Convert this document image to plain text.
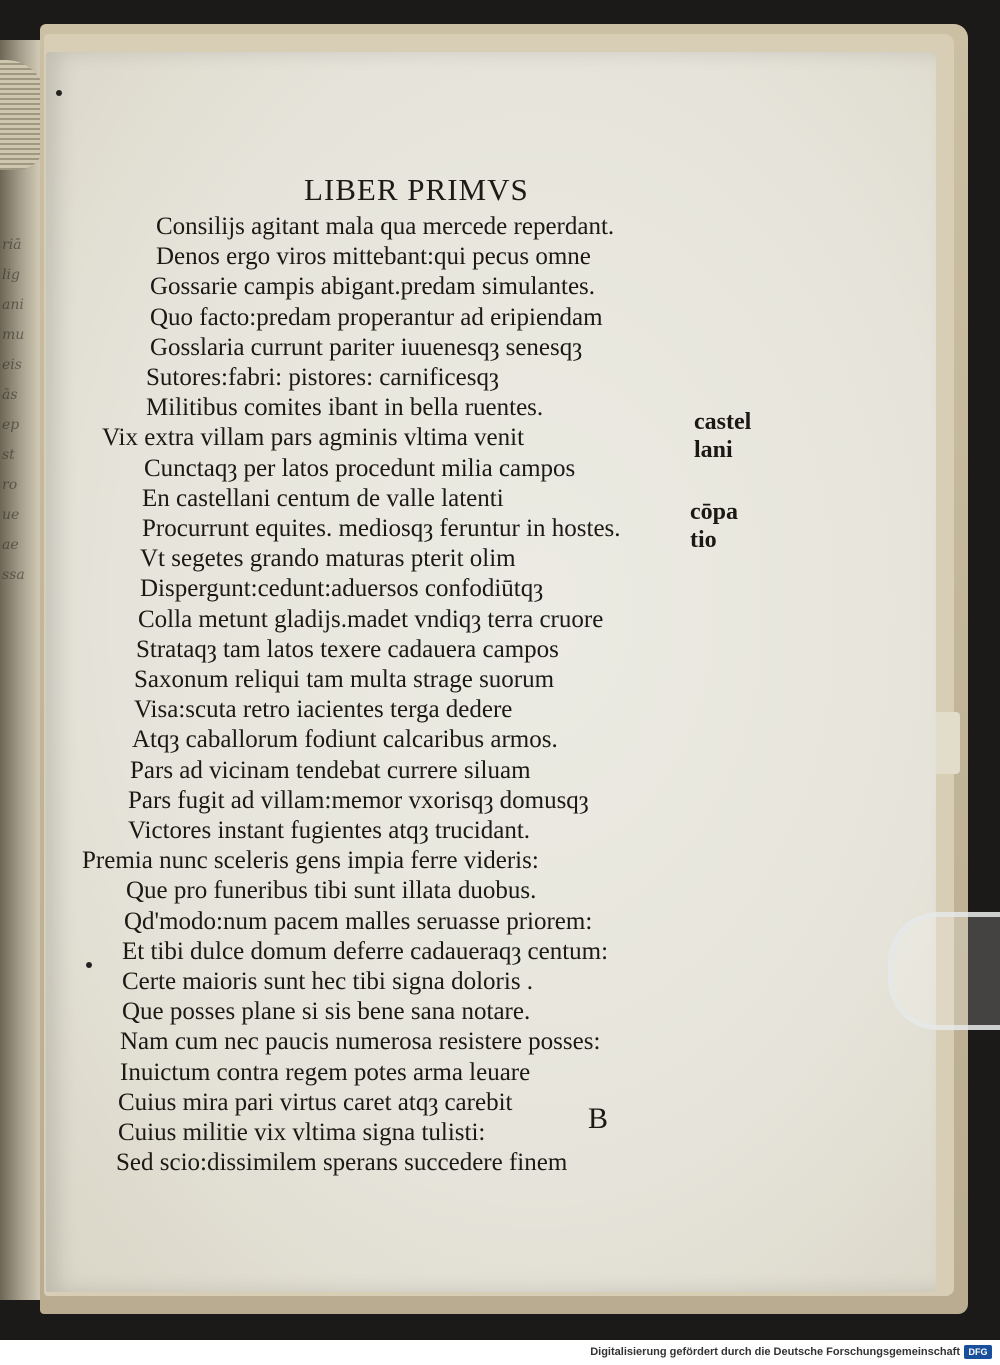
riā
lig
ani
mu
eis
ās
ep
st
ro
ue
ae
ssa
LIBER PRIMVS
Consilijs agitant mala qua mercede reperdant.
Denos ergo viros mittebant:qui pecus omne
Gossarie campis abigant.predam simulantes.
Quo facto:predam properantur ad eripiendam
Gosslaria currunt pariter iuuenesqȝ senesqȝ
Sutores:fabri: pistores: carnificesqȝ
Militibus comites ibant in bella ruentes.
Vix extra villam pars agminis vltima venit
Cunctaqȝ per latos procedunt milia campos
En castellani centum de valle latenti
Procurrunt equites. mediosqȝ feruntur in hostes.
Vt segetes grando maturas pterit olim
Dispergunt:cedunt:aduersos confodiūtqȝ
Colla metunt gladijs.madet vndiqȝ terra cruore
Strataqȝ tam latos texere cadauera campos
Saxonum reliqui tam multa strage suorum
Visa:scuta retro iacientes terga dedere
Atqȝ caballorum fodiunt calcaribus armos.
Pars ad vicinam tendebat currere siluam
Pars fugit ad villam:memor vxorisqȝ domusqȝ
Victores instant fugientes atqȝ trucidant.
Premia nunc sceleris gens impia ferre videris:
Que pro funeribus tibi sunt illata duobus.
Qd'modo:num pacem malles seruasse priorem:
Et tibi dulce domum deferre cadaueraqȝ centum:
Certe maioris sunt hec tibi signa doloris .
Que posses plane si sis bene sana notare.
Nam cum nec paucis numerosa resistere posses:
Inuictum contra regem potes arma leuare
Cuius mira pari virtus caret atqȝ carebit
Cuius militie vix vltima signa tulisti:
Sed scio:dissimilem sperans succedere finem
castel
lani
cōpa
tio
B
Digitalisierung gefördert durch die Deutsche Forschungsgemeinschaft DFG
